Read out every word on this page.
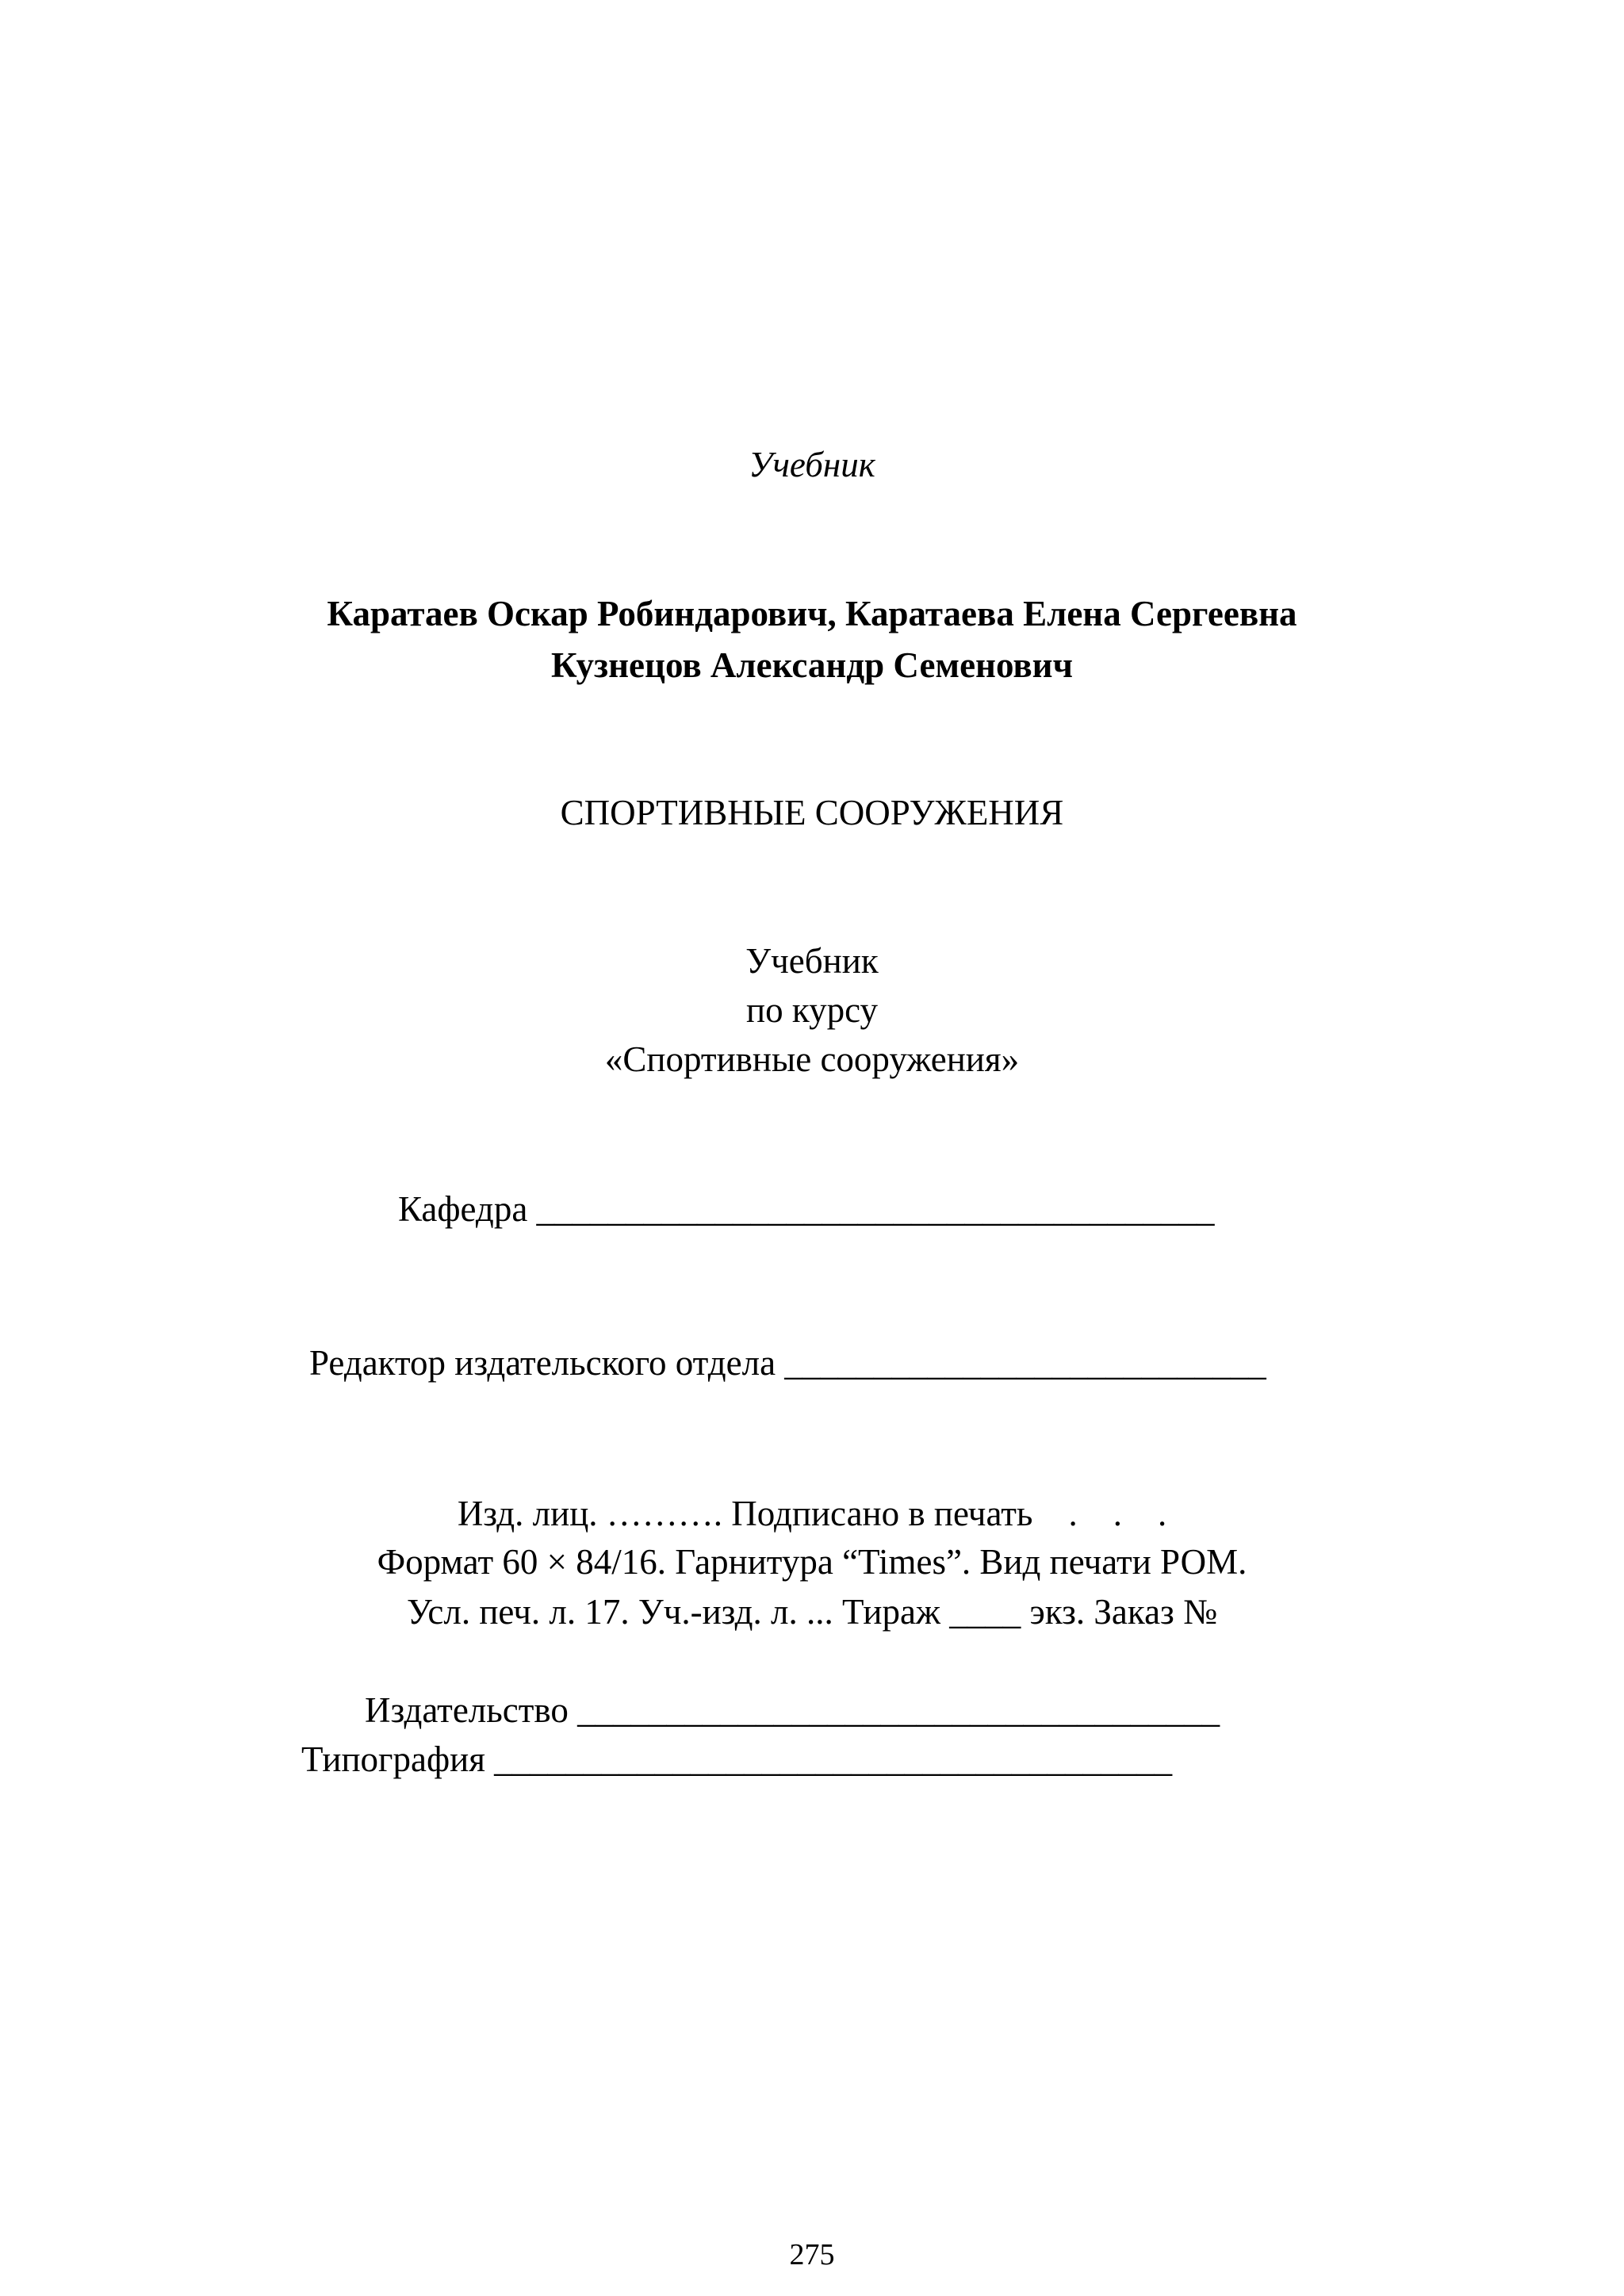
Учебник
Каратаев Оскар Робиндарович, Каратаева Елена Сергеевна
Кузнецов Александр Семенович
СПОРТИВНЫЕ СООРУЖЕНИЯ
Учебник
по курсу
«Спортивные сооружения»
Кафедра ______________________________________
Редактор издательского отдела ___________________________
Изд. лиц. ………. Подписано в печать    .    .    .
Формат 60 × 84/16. Гарнитура “Times”. Вид печати РОМ.
Усл. печ. л. 17. Уч.-изд. л. ... Тираж ____ экз. Заказ №
Издательство ____________________________________
Типография ______________________________________
275
